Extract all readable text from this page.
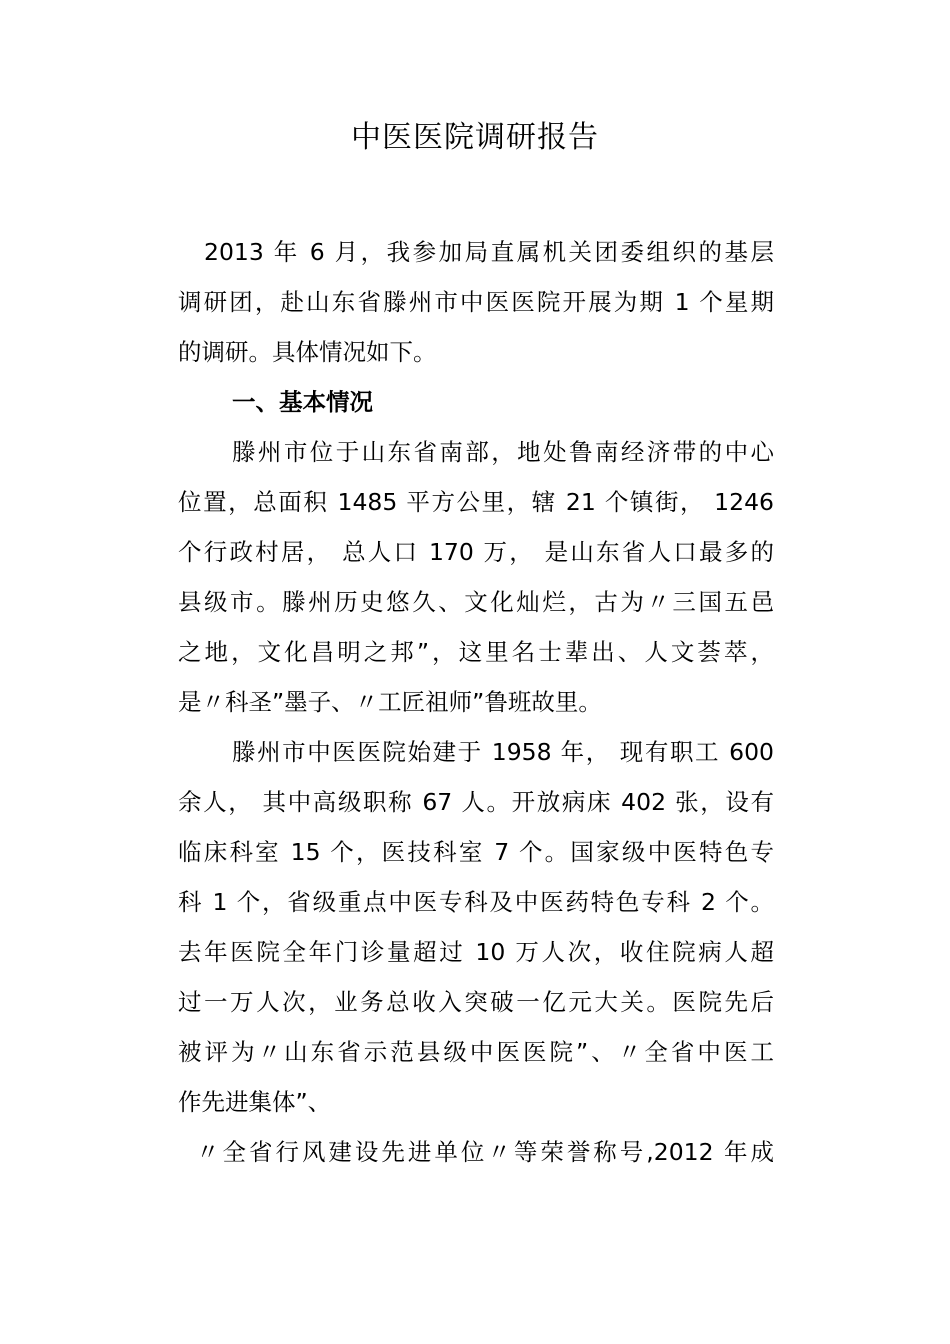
中医医院调研报告

2013 年 6 月，我参加局直属机关团委组织的基层

调研团，赴山东省滕州市中医医院开展为期 1 个星期

的调研。具体情况如下。

一、基本情况

滕州市位于山东省南部，地处鲁南经济带的中心

位置，总面积 1485 平方公里，辖 21 个镇街， 1246

个行政村居， 总人口 170 万， 是山东省人口最多的

县级市。滕州历史悠久、文化灿烂，古为〃三国五邑

之地，文化昌明之邦”，这里名士辈出、人文荟萃，

是〃科圣”墨子、〃工匠祖师”鲁班故里。

滕州市中医医院始建于 1958 年， 现有职工 600

余人， 其中高级职称 67 人。开放病床 402 张，设有

临床科室 15 个，医技科室 7 个。国家级中医特色专

科 1 个，省级重点中医专科及中医药特色专科 2 个。

去年医院全年门诊量超过 10 万人次，收住院病人超

过一万人次，业务总收入突破一亿元大关。医院先后

被评为〃山东省示范县级中医医院”、〃全省中医工

作先进集体”、

〃全省行风建设先进单位〃等荣誉称号,2012 年成
